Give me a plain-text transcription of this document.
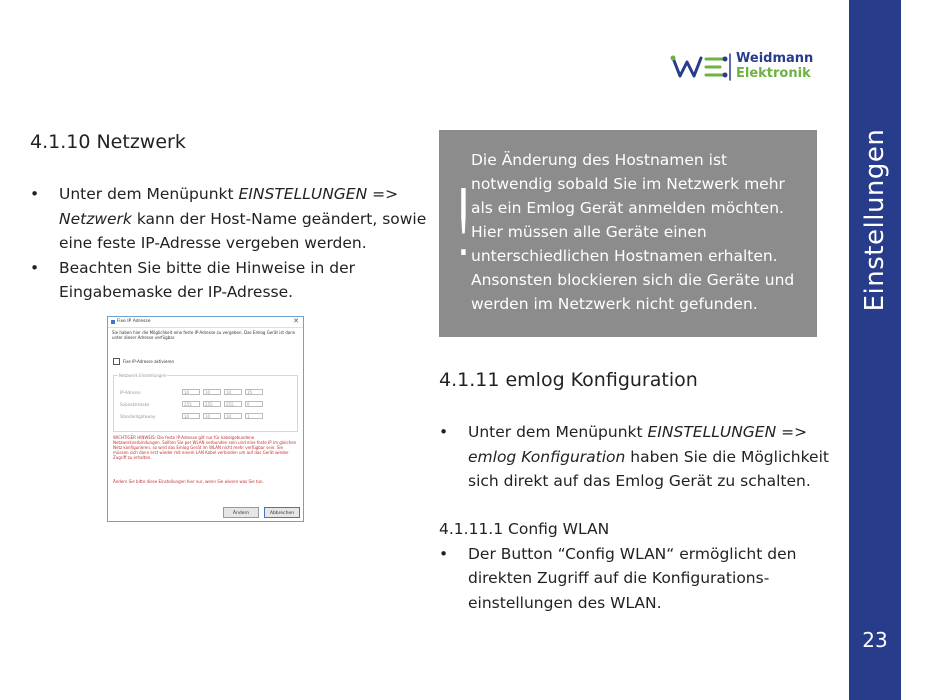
Einstellungen
23
Weidmann
Elektronik
4.1.10 Netzwerk
• Unter dem Menüpunkt EINSTELLUNGEN => Netzwerk kann der Host-Name geändert, sowie eine feste IP-Adresse vergeben werden.
• Beachten Sie bitte die Hinweise in der Eingabemaske der IP-Adresse.
Fixe IP Adresse	✕
Sie haben hier die Möglichkeit eine feste IP-Adresse zu vergeben. Das Emlog Gerät ist dann unter dieser Adresse verfügbar.
Fixe IP-Adresse aktivieren
Netzwerk Einstellungen
IP-Adresse	10	10	10	35
Subnetzmaske	255	255	255	0
Standardgateway	10	10	10	1
WICHTIGER HINWEIS: Die feste IP-Adresse gilt nur für kabelgebundene Netzwerkverbindungen. Sollten Sie per WLAN verbunden sein und eine feste IP im gleichen Netz konfigurieren, so wird das Emlog Gerät im WLAN nicht mehr verfügbar sein. Sie müssen sich dann erst wieder mit einem LAN Kabel verbinden um auf das Gerät wieder Zugriff zu erhalten.
Ändern Sie bitte diese Einstellungen hier nur, wenn Sie wissen was Sie tun.
Ändern	Abbrechen
!
Die Änderung des Hostnamen ist notwendig sobald Sie im Netzwerk mehr als ein Emlog Gerät anmelden möchten. Hier müssen alle Geräte einen unterschiedlichen Hostnamen erhalten. Ansonsten blockieren sich die Geräte und werden im Netzwerk nicht gefunden.
4.1.11 emlog Konfiguration
• Unter dem Menüpunkt EINSTELLUNGEN => emlog Konfiguration haben Sie die Möglichkeit sich direkt auf das Emlog Gerät zu schalten.
4.1.11.1 Config WLAN
• Der Button “Config WLAN“ ermöglicht den direkten Zugriff auf die Konfigurations-einstellungen des WLAN.
